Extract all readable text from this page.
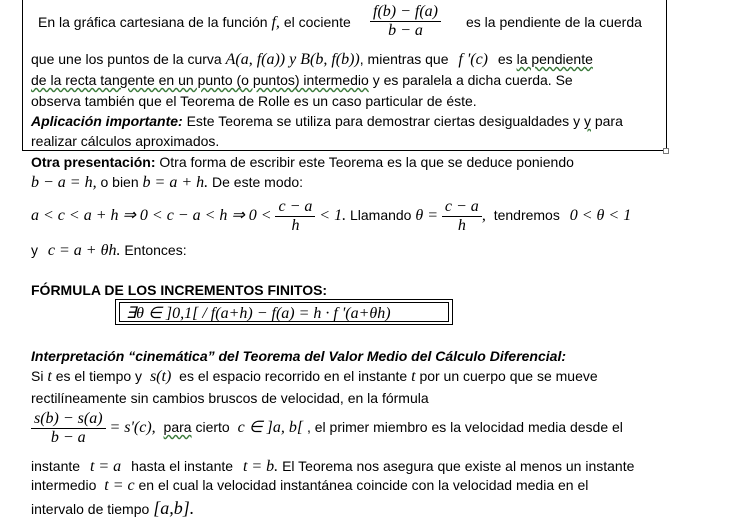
En la gráfica cartesiana de la función f, el cociente $\frac{f(b) - f(a)}{b - a}$ es la pendiente de la cuerda
que une los puntos de la curva A(a, f(a)) y B(b, f(b)), mientras que f '(c) es la pendiente
de la recta tangente en un punto (o puntos) intermedio y es paralela a dicha cuerda. Se
observa también que el Teorema de Rolle es un caso particular de éste.
Aplicación importante: Este Teorema se utiliza para demostrar ciertas desigualdades y y para
realizar cálculos aproximados.
Otra presentación: Otra forma de escribir este Teorema es la que se deduce poniendo
b − a = h, o bien b = a + h. De este modo:
a < c < a + h ⇒ 0 < c − a < h ⇒ $0 < \frac{c - a}{h} < 1$. Llamando $\theta = \frac{c - a}{h}$ , tendremos 0 < θ < 1
y c = a + θh. Entonces:
FÓRMULA DE LOS INCREMENTOS FINITOS:
∃θ ∈ ]0,1[ / f(a+h) − f(a) = h · f '(a+θh)
Interpretación “cinemática” del Teorema del Valor Medio del Cálculo Diferencial:
Si t es el tiempo y s(t) es el espacio recorrido en el instante t por un cuerpo que se mueve
rectilíneamente sin cambios bruscos de velocidad, en la fórmula
$\frac{s(b) - s(a)}{b - a} = s'(c)$, para cierto c ∈ ]a, b[ , el primer miembro es la velocidad media desde el
instante t = a hasta el instante t = b. El Teorema nos asegura que existe al menos un instante
intermedio t = c en el cual la velocidad instantánea coincide con la velocidad media en el
intervalo de tiempo [a,b].
